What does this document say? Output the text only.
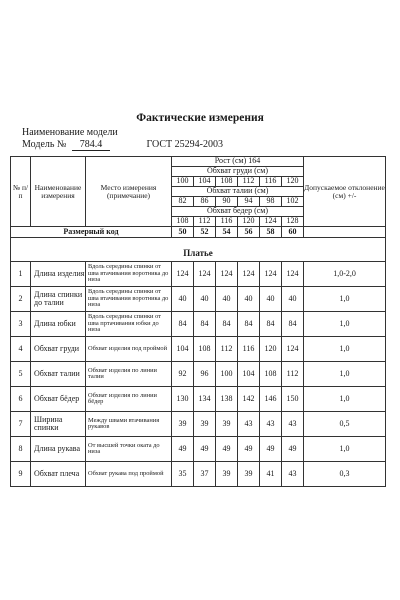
Фактические измерения
Наименование модели
Модель № 784.4	ГОСТ 25294-2003
№ п/п	Наименование измерения	Место измерения (примечание)	Рост (см) 164						Допускаемое отклонение (см) +/-
			Обхват груди (см)						
			100	104	108	112	116	120	
			Обхват талии (см)						
			82	86	90	94	98	102	
			Обхват бедер (см)						
			108	112	116	120	124	128	
Размерный код			50	52	54	56	58	60	

Платье									
1	Длина изделия	Вдоль середины спинки от шва втачивания воротника до низа	124	124	124	124	124	124	1,0-2,0
2	Длина спинки до талии	Вдоль середины спинки от шва втачивания воротника до низа	40	40	40	40	40	40	1,0
3	Длина юбки	Вдоль середины спинки от шва пртачивания юбки до низа	84	84	84	84	84	84	1,0
4	Обхват груди	Обхват изделия под проймой	104	108	112	116	120	124	1,0
5	Обхват талии	Обхват изделия по линии талии	92	96	100	104	108	112	1,0
6	Обхват бёдер	Обхват изделия по линии бёдер	130	134	138	142	146	150	1,0
7	Ширина спинки	Между швами втачивания рукавов	39	39	39	43	43	43	0,5
8	Длина рукава	От высшей точки оката до низа	49	49	49	49	49	49	1,0
9	Обхват плеча	Обхват рукава под проймой	35	37	39	39	41	43	0,3
